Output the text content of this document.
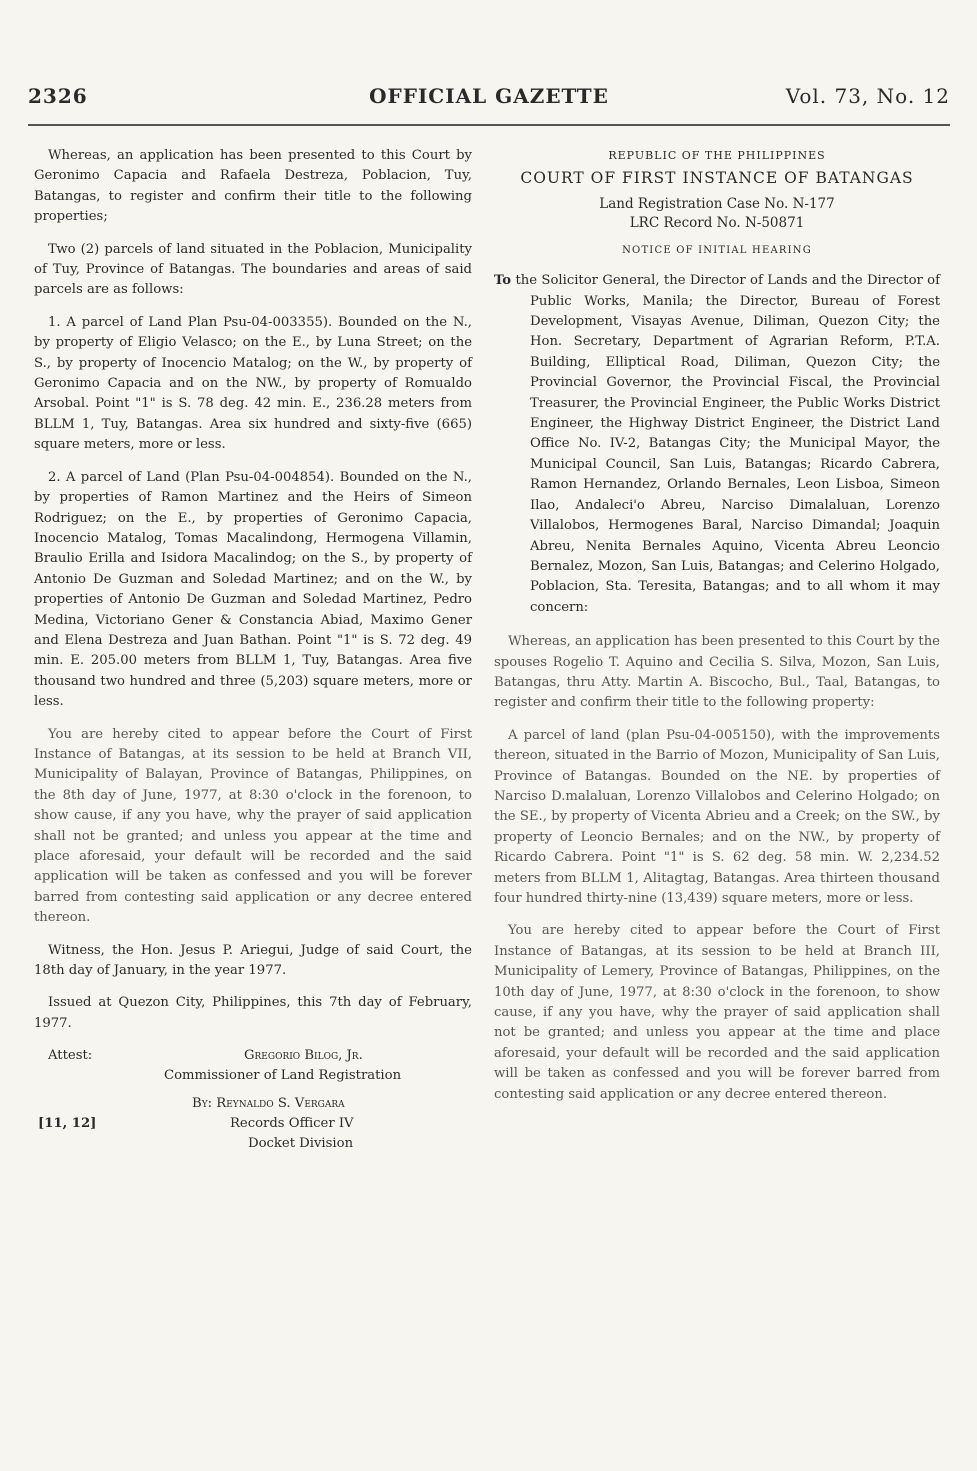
2326	OFFICIAL GAZETTE	Vol. 73, No. 12

Whereas, an application has been presented to this Court by Geronimo Capacia and Rafaela Destreza, Poblacion, Tuy, Batangas, to register and confirm their title to the following properties;

Two (2) parcels of land situated in the Poblacion, Municipality of Tuy, Province of Batangas. The boundaries and areas of said parcels are as follows:

1. A parcel of Land Plan Psu-04-003355). Bounded on the N., by property of Eligio Velasco; on the E., by Luna Street; on the S., by property of Inocencio Matalog; on the W., by property of Geronimo Capacia and on the NW., by property of Romualdo Arsobal. Point "1" is S. 78 deg. 42 min. E., 236.28 meters from BLLM 1, Tuy, Batangas. Area six hundred and sixty-five (665) square meters, more or less.

2. A parcel of Land (Plan Psu-04-004854). Bounded on the N., by properties of Ramon Martinez and the Heirs of Simeon Rodriguez; on the E., by properties of Geronimo Capacia, Inocencio Matalog, Tomas Macalindong, Hermogena Villamin, Braulio Erilla and Isidora Macalindog; on the S., by property of Antonio De Guzman and Soledad Martinez; and on the W., by properties of Antonio De Guzman and Soledad Martinez, Pedro Medina, Victoriano Gener & Constancia Abiad, Maximo Gener and Elena Destreza and Juan Bathan. Point "1" is S. 72 deg. 49 min. E. 205.00 meters from BLLM 1, Tuy, Batangas. Area five thousand two hundred and three (5,203) square meters, more or less.

You are hereby cited to appear before the Court of First Instance of Batangas, at its session to be held at Branch VII, Municipality of Balayan, Province of Batangas, Philippines, on the 8th day of June, 1977, at 8:30 o'clock in the forenoon, to show cause, if any you have, why the prayer of said application shall not be granted; and unless you appear at the time and place aforesaid, your default will be recorded and the said application will be taken as confessed and you will be forever barred from contesting said application or any decree entered thereon.

Witness, the Hon. Jesus P. Ariegui, Judge of said Court, the 18th day of January, in the year 1977.

Issued at Quezon City, Philippines, this 7th day of February, 1977.

Attest:	Gregorio Bilog, Jr.
Commissioner of Land Registration
By: Reynaldo S. Vergara
[11, 12]	Records Officer IV
Docket Division

REPUBLIC OF THE PHILIPPINES

COURT OF FIRST INSTANCE OF BATANGAS

Land Registration Case No. N-177

LRC Record No. N-50871

NOTICE OF INITIAL HEARING

To the Solicitor General, the Director of Lands and the Director of Public Works, Manila; the Director, Bureau of Forest Development, Visayas Avenue, Diliman, Quezon City; the Hon. Secretary, Department of Agrarian Reform, P.T.A. Building, Elliptical Road, Diliman, Quezon City; the Provincial Governor, the Provincial Fiscal, the Provincial Treasurer, the Provincial Engineer, the Public Works District Engineer, the Highway District Engineer, the District Land Office No. IV-2, Batangas City; the Municipal Mayor, the Municipal Council, San Luis, Batangas; Ricardo Cabrera, Ramon Hernandez, Orlando Bernales, Leon Lisboa, Simeon Ilao, Andaleci'o Abreu, Narciso Dimalaluan, Lorenzo Villalobos, Hermogenes Baral, Narciso Dimandal; Joaquin Abreu, Nenita Bernales Aquino, Vicenta Abreu Leoncio Bernalez, Mozon, San Luis, Batangas; and Celerino Holgado, Poblacion, Sta. Teresita, Batangas; and to all whom it may concern:

Whereas, an application has been presented to this Court by the spouses Rogelio T. Aquino and Cecilia S. Silva, Mozon, San Luis, Batangas, thru Atty. Martin A. Biscocho, Bul., Taal, Batangas, to register and confirm their title to the following property:

A parcel of land (plan Psu-04-005150), with the improvements thereon, situated in the Barrio of Mozon, Municipality of San Luis, Province of Batangas. Bounded on the NE. by properties of Narciso D.malaluan, Lorenzo Villalobos and Celerino Holgado; on the SE., by property of Vicenta Abrieu and a Creek; on the SW., by property of Leoncio Bernales; and on the NW., by property of Ricardo Cabrera. Point "1" is S. 62 deg. 58 min. W. 2,234.52 meters from BLLM 1, Alitagtag, Batangas. Area thirteen thousand four hundred thirty-nine (13,439) square meters, more or less.

You are hereby cited to appear before the Court of First Instance of Batangas, at its session to be held at Branch III, Municipality of Lemery, Province of Batangas, Philippines, on the 10th day of June, 1977, at 8:30 o'clock in the forenoon, to show cause, if any you have, why the prayer of said application shall not be granted; and unless you appear at the time and place aforesaid, your default will be recorded and the said application will be taken as confessed and you will be forever barred from contesting said application or any decree entered thereon.
